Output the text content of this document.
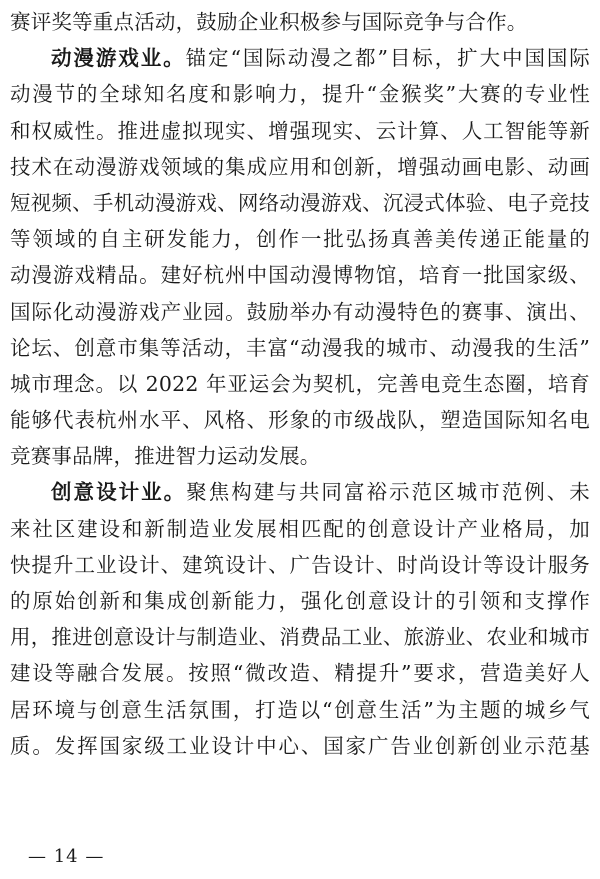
赛评奖等重点活动，鼓励企业积极参与国际竞争与合作。
动漫游戏业。锚定“国际动漫之都”目标，扩大中国国际
动漫节的全球知名度和影响力，提升“金猴奖”大赛的专业性
和权威性。推进虚拟现实、增强现实、云计算、人工智能等新
技术在动漫游戏领域的集成应用和创新，增强动画电影、动画
短视频、手机动漫游戏、网络动漫游戏、沉浸式体验、电子竞技
等领域的自主研发能力，创作一批弘扬真善美传递正能量的
动漫游戏精品。建好杭州中国动漫博物馆，培育一批国家级、
国际化动漫游戏产业园。鼓励举办有动漫特色的赛事、演出、
论坛、创意市集等活动，丰富“动漫我的城市、动漫我的生活”
城市理念。以 2022 年亚运会为契机，完善电竞生态圈，培育
能够代表杭州水平、风格、形象的市级战队，塑造国际知名电
竞赛事品牌，推进智力运动发展。
创意设计业。聚焦构建与共同富裕示范区城市范例、未
来社区建设和新制造业发展相匹配的创意设计产业格局，加
快提升工业设计、建筑设计、广告设计、时尚设计等设计服务
的原始创新和集成创新能力，强化创意设计的引领和支撑作
用，推进创意设计与制造业、消费品工业、旅游业、农业和城市
建设等融合发展。按照“微改造、精提升”要求，营造美好人
居环境与创意生活氛围，打造以“创意生活”为主题的城乡气
质。发挥国家级工业设计中心、国家广告业创新创业示范基
— 14 —
